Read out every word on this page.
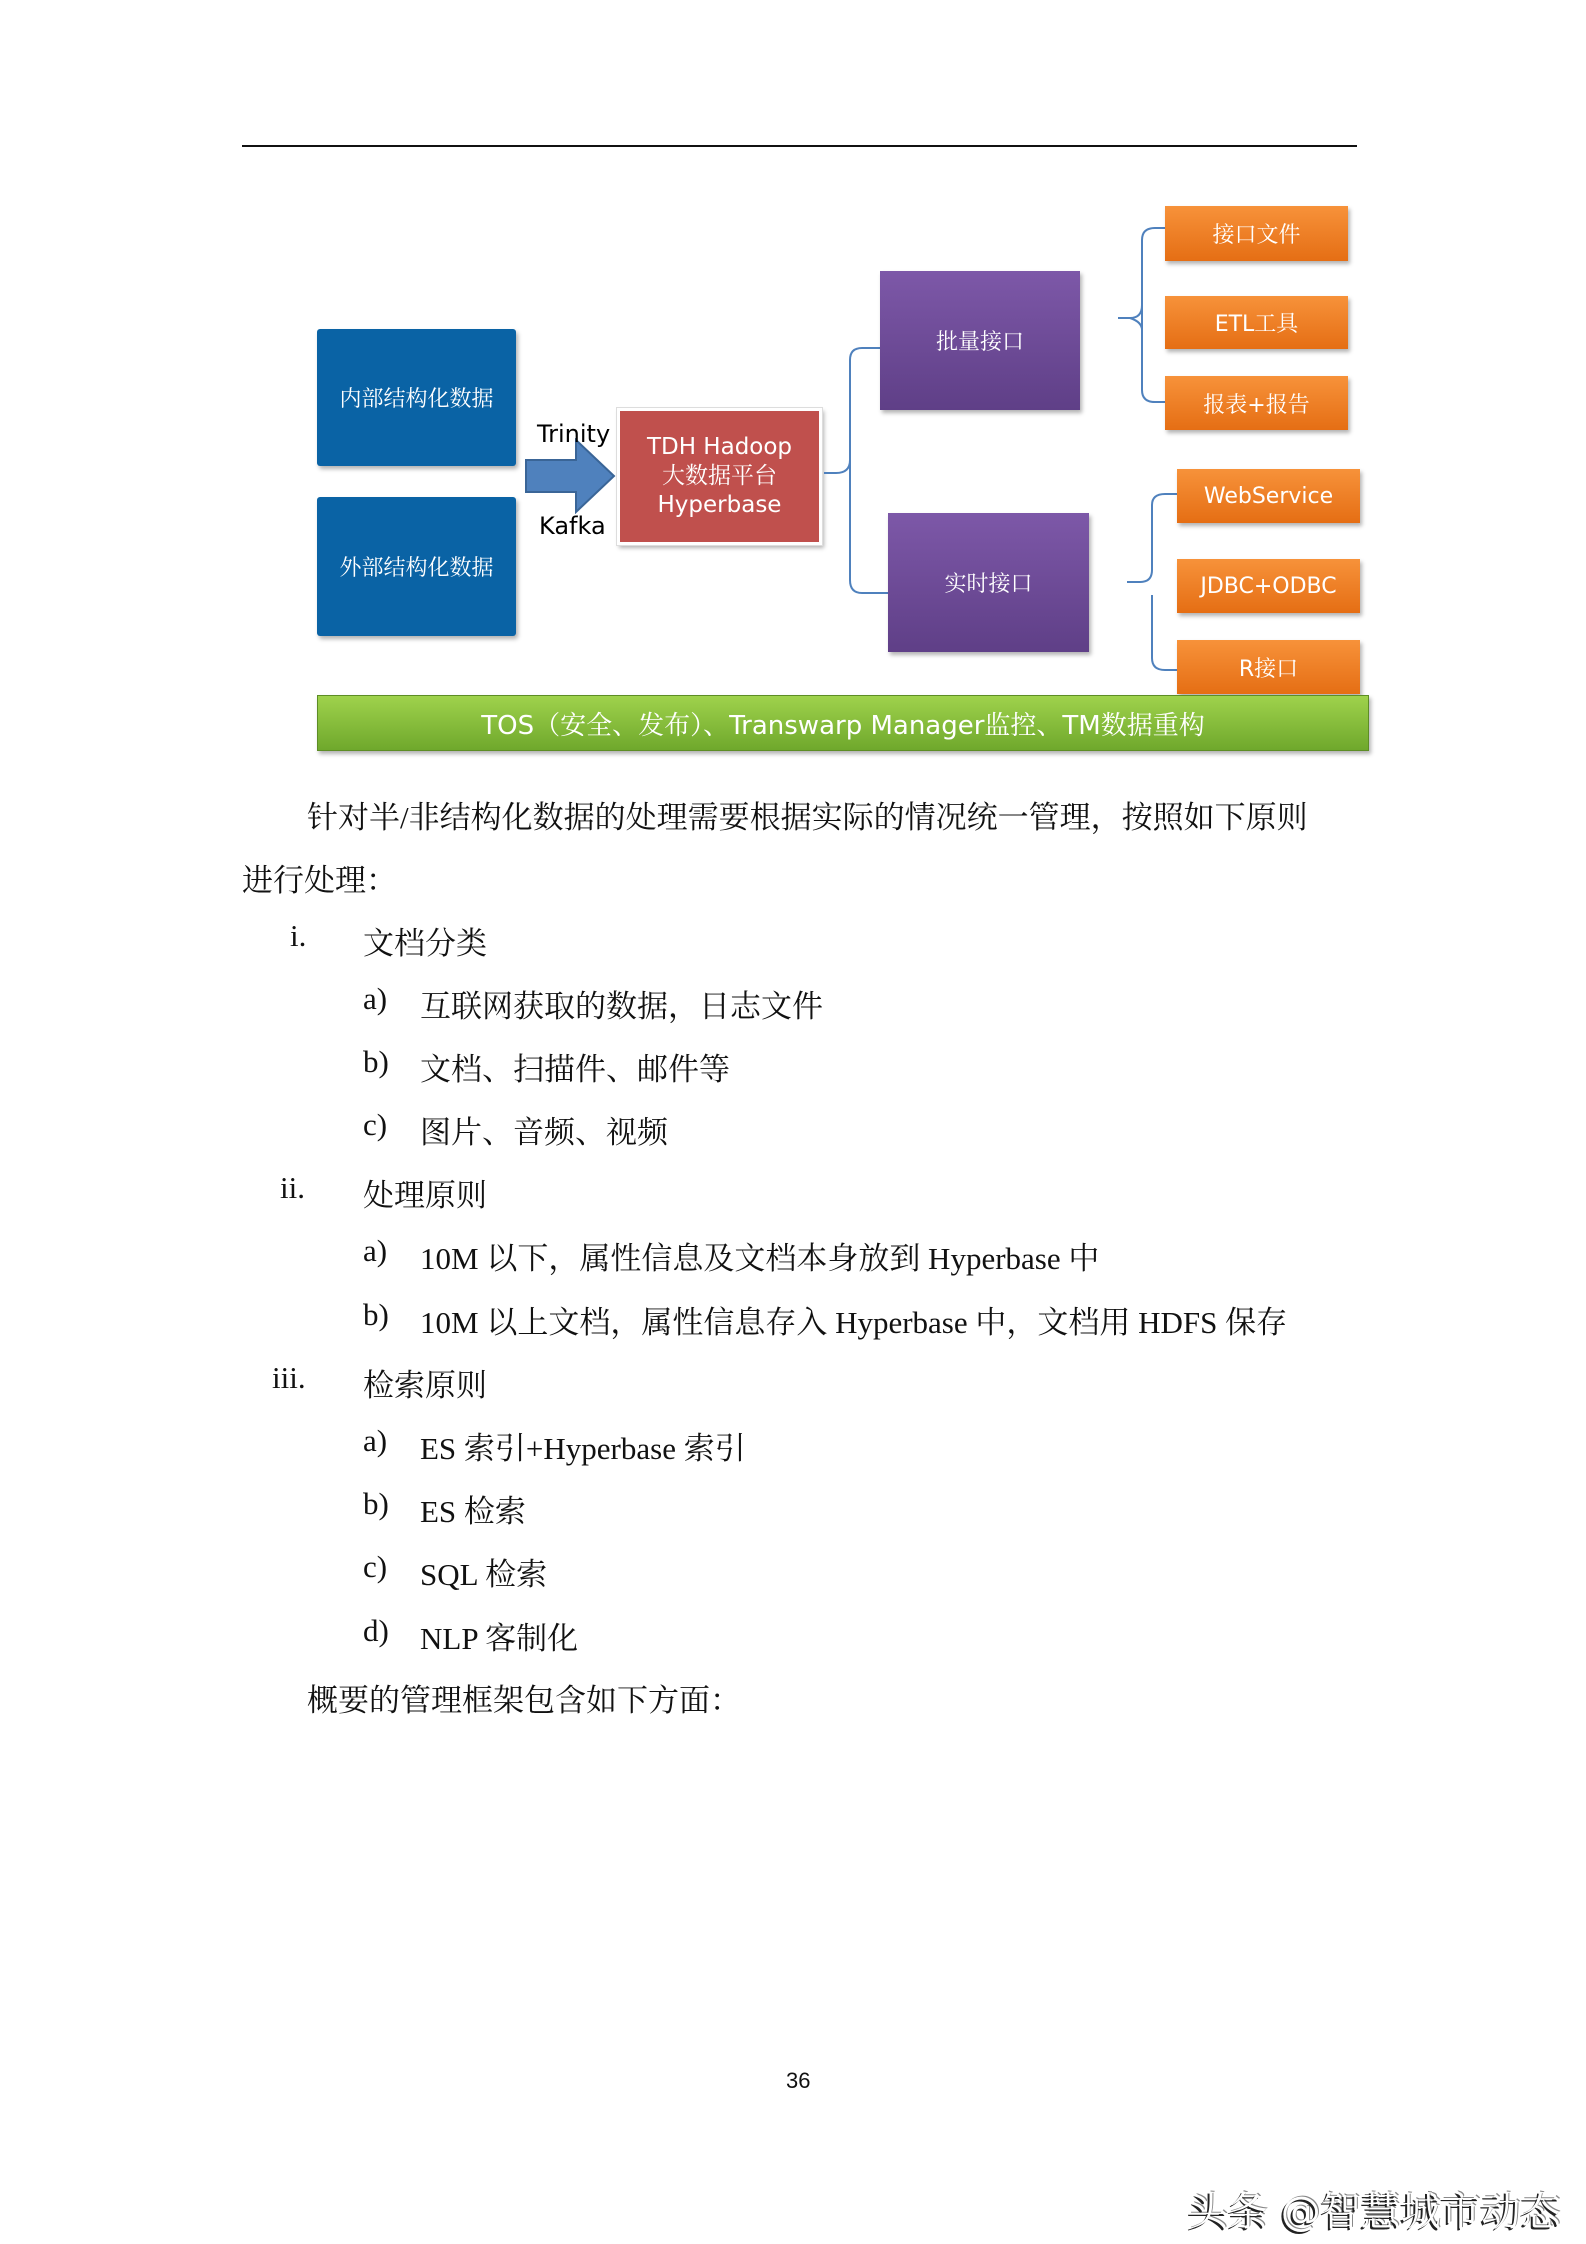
内部结构化数据
外部结构化数据
Trinity
Kafka
TDH Hadoop
大数据平台
Hyperbase
批量接口
实时接口
接口文件
ETL工具
报表+报告
WebService
JDBC+ODBC
R接口
TOS（安全、发布）、Transwarp Manager监控、TM数据重构
针对半/非结构化数据的处理需要根据实际的情况统一管理，按照如下原则
进行处理：
i. 文档分类
a) 互联网获取的数据，日志文件
b) 文档、扫描件、邮件等
c) 图片、音频、视频
ii. 处理原则
a) 10M 以下，属性信息及文档本身放到 Hyperbase 中
b) 10M 以上文档，属性信息存入 Hyperbase 中，文档用 HDFS 保存
iii. 检索原则
a) ES 索引+Hyperbase 索引
b) ES 检索
c) SQL 检索
d) NLP 客制化
概要的管理框架包含如下方面：
36
头条 @智慧城市动态
